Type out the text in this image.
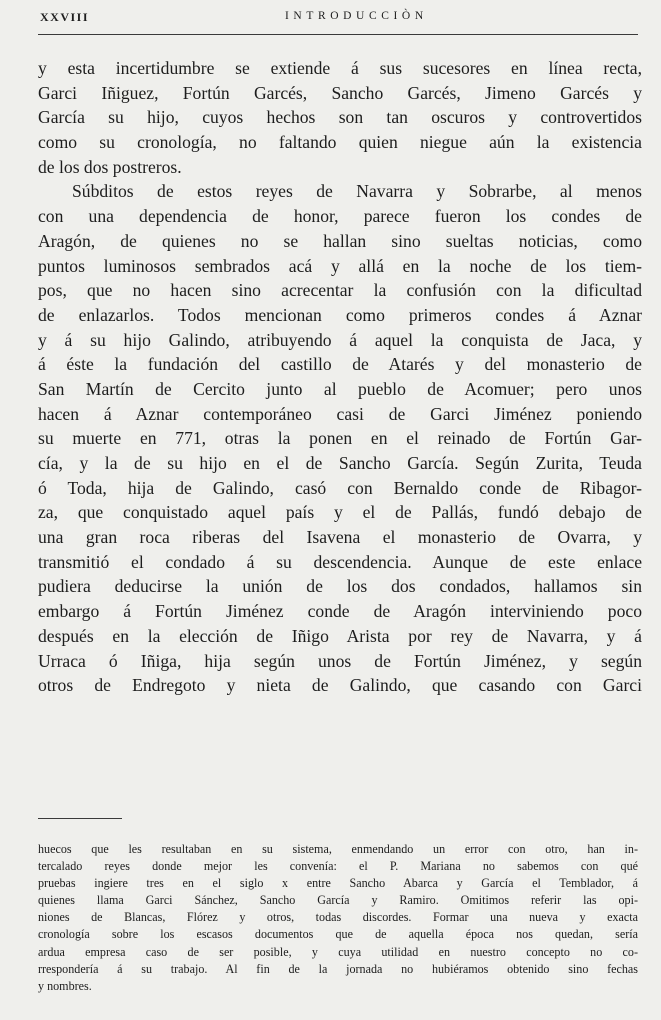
XXVIII	INTRODUCCIÒN
y esta incertidumbre se extiende á sus sucesores en línea recta,
Garci Iñiguez, Fortún Garcés, Sancho Garcés, Jimeno Garcés y
García su hijo, cuyos hechos son tan oscuros y controvertidos
como su cronología, no faltando quien niegue aún la existencia
de los dos postreros.
Súbditos de estos reyes de Navarra y Sobrarbe, al menos
con una dependencia de honor, parece fueron los condes de
Aragón, de quienes no se hallan sino sueltas noticias, como
puntos luminosos sembrados acá y allá en la noche de los tiem-
pos, que no hacen sino acrecentar la confusión con la dificultad
de enlazarlos. Todos mencionan como primeros condes á Aznar
y á su hijo Galindo, atribuyendo á aquel la conquista de Jaca, y
á éste la fundación del castillo de Atarés y del monasterio de
San Martín de Cercito junto al pueblo de Acomuer; pero unos
hacen á Aznar contemporáneo casi de Garci Jiménez poniendo
su muerte en 771, otras la ponen en el reinado de Fortún Gar-
cía, y la de su hijo en el de Sancho García. Según Zurita, Teuda
ó Toda, hija de Galindo, casó con Bernaldo conde de Ribagor-
za, que conquistado aquel país y el de Pallás, fundó debajo de
una gran roca riberas del Isavena el monasterio de Ovarra, y
transmitió el condado á su descendencia. Aunque de este enlace
pudiera deducirse la unión de los dos condados, hallamos sin
embargo á Fortún Jiménez conde de Aragón interviniendo poco
después en la elección de Iñigo Arista por rey de Navarra, y á
Urraca ó Iñiga, hija según unos de Fortún Jiménez, y según
otros de Endregoto y nieta de Galindo, que casando con Garci
huecos que les resultaban en su sistema, enmendando un error con otro, han in-
tercalado reyes donde mejor les convenía: el P. Mariana no sabemos con qué
pruebas ingiere tres en el siglo x entre Sancho Abarca y García el Temblador, á
quienes llama Garci Sánchez, Sancho García y Ramiro. Omitimos referir las opi-
niones de Blancas, Flórez y otros, todas discordes. Formar una nueva y exacta
cronología sobre los escasos documentos que de aquella época nos quedan, sería
ardua empresa caso de ser posible, y cuya utilidad en nuestro concepto no co-
rrespondería á su trabajo. Al fin de la jornada no hubiéramos obtenido sino fechas
y nombres.
